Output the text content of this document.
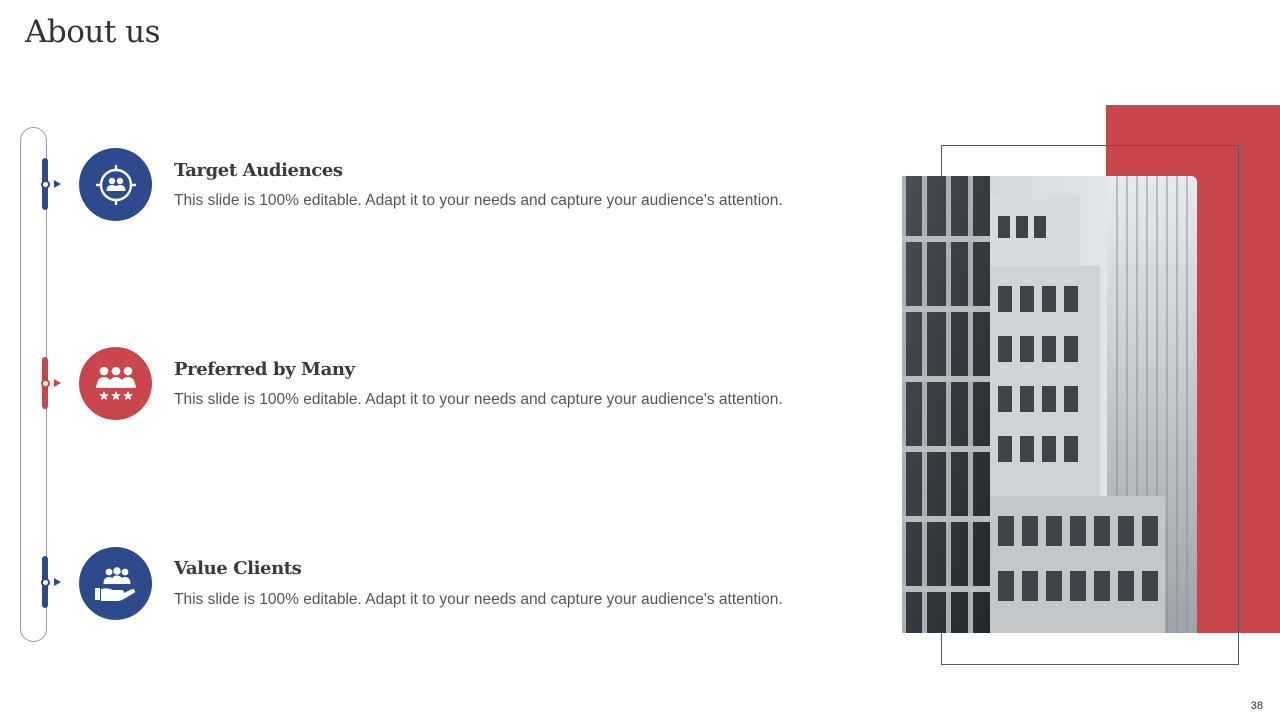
About us
Target Audiences
This slide is 100% editable. Adapt it to your needs and capture your audience's attention.
Preferred by Many
This slide is 100% editable. Adapt it to your needs and capture your audience's attention.
Value Clients
This slide is 100% editable. Adapt it to your needs and capture your audience's attention.
38
